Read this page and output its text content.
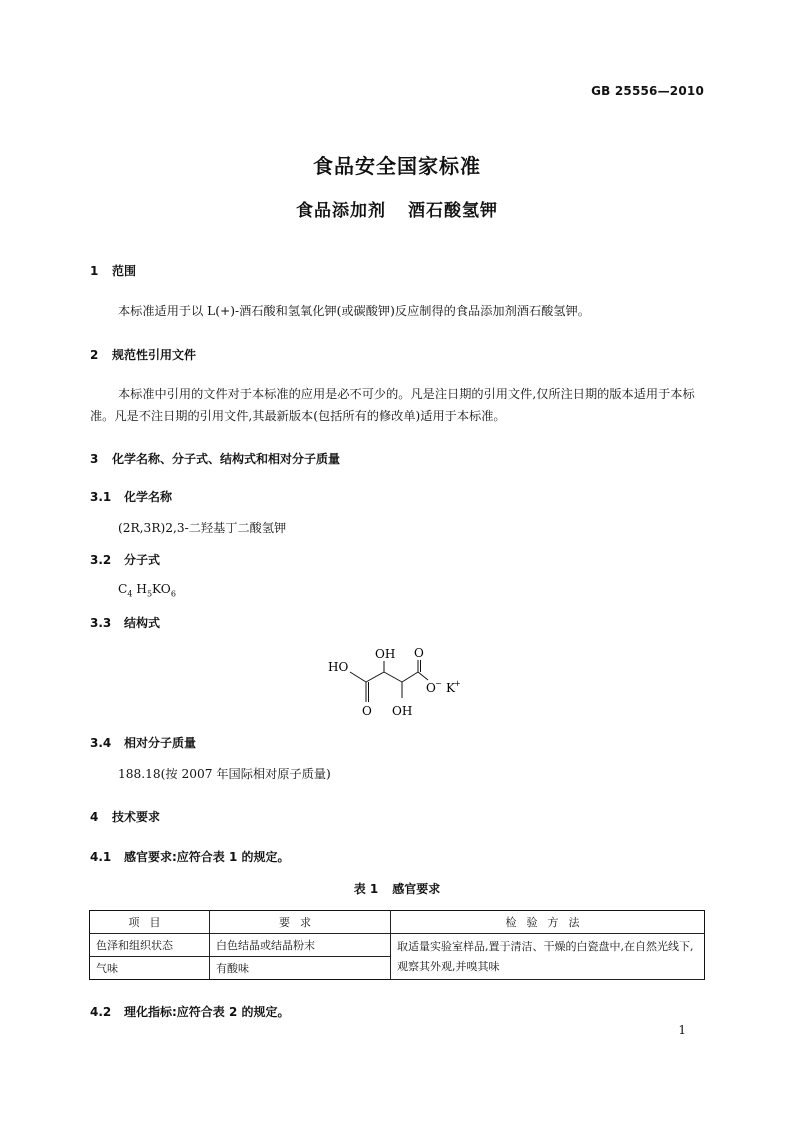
GB 25556—2010
食品安全国家标准
食品添加剂 酒石酸氢钾
1 范围
本标准适用于以 L(+)-酒石酸和氢氧化钾(或碳酸钾)反应制得的食品添加剂酒石酸氢钾。
2 规范性引用文件
本标准中引用的文件对于本标准的应用是必不可少的。凡是注日期的引用文件,仅所注日期的版本适用于本标准。凡是不注日期的引用文件,其最新版本(包括所有的修改单)适用于本标准。
3 化学名称、分子式、结构式和相对分子质量
3.1 化学名称
(2R,3R)2,3-二羟基丁二酸氢钾
3.2 分子式
$C_4$ $H_5KO_6$
3.3 结构式
HO
OH O
O − K +
O OH
3.4 相对分子质量
188.18(按 2007 年国际相对原子质量)
4 技术要求
4.1 感官要求:应符合表 1 的规定。
表 1 感官要求
项目	要求	检验方法
色泽和组织状态	白色结晶或结晶粉末	取适量实验室样品,置于清洁、干燥的白瓷盘中,在自然光线下,观察其外观,并嗅其味
气味	有酸味	
4.2 理化指标:应符合表 2 的规定。
1
